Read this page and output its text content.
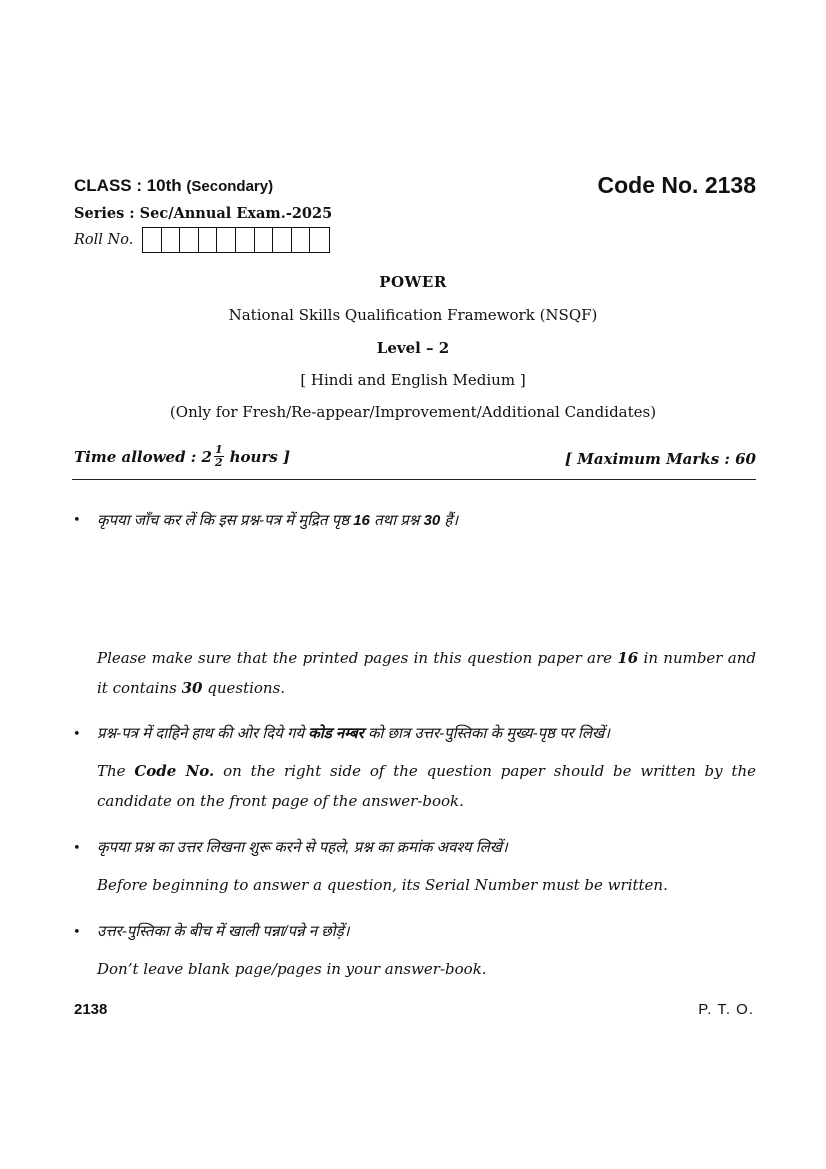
CLASS : 10th (Secondary)	Code No. 2138
Series : Sec/Annual Exam.-2025
Roll No.
POWER
National Skills Qualification Framework (NSQF)
Level – 2
[ Hindi and English Medium ]
(Only for Fresh/Re-appear/Improvement/Additional Candidates)
Time allowed : $2 \frac{1}{2}$ hours ]	[ Maximum Marks : 60
• कृपया जाँच कर लें कि इस प्रश्न-पत्र में मुद्रित पृष्ठ 16 तथा प्रश्न 30 हैं।
Please make sure that the printed pages in this question paper are 16 in number and it contains 30 questions.
• प्रश्न-पत्र में दाहिने हाथ की ओर दिये गये कोड नम्बर को छात्र उत्तर-पुस्तिका के मुख्य-पृष्ठ पर लिखें।
The Code No. on the right side of the question paper should be written by the candidate on the front page of the answer-book.
• कृपया प्रश्न का उत्तर लिखना शुरू करने से पहले, प्रश्न का क्रमांक अवश्य लिखें।
Before beginning to answer a question, its Serial Number must be written.
• उत्तर-पुस्तिका के बीच में खाली पन्ना/पन्ने न छोड़ें।
Don’t leave blank page/pages in your answer-book.
2138	P. T. O.
